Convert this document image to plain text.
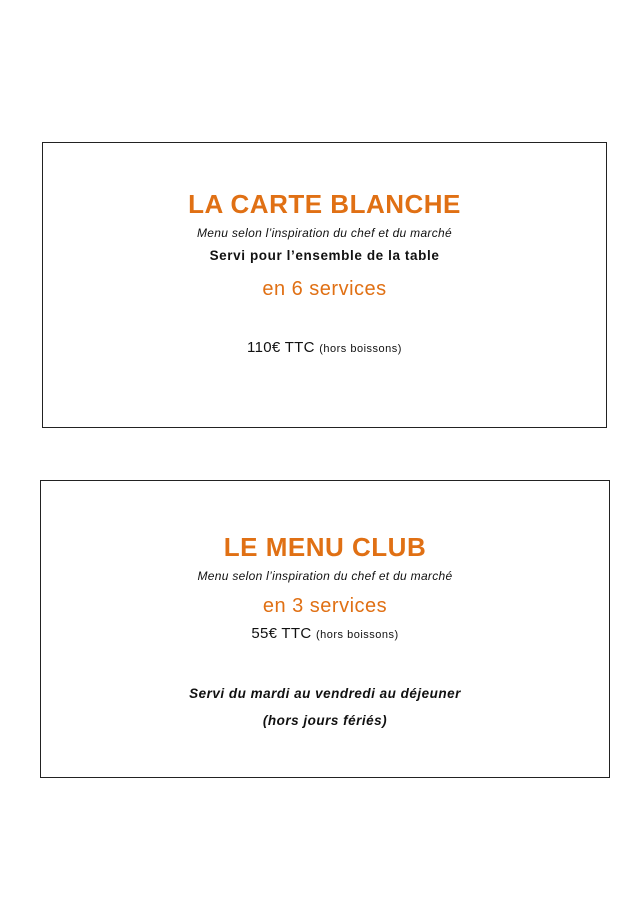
LA CARTE BLANCHE
Menu selon l’inspiration du chef et du marché
Servi pour l’ensemble de la table
en 6 services
110€ TTC (hors boissons)
LE MENU CLUB
Menu selon l’inspiration du chef et du marché
en 3 services
55€ TTC (hors boissons)
Servi du mardi au vendredi au déjeuner
(hors jours fériés)
